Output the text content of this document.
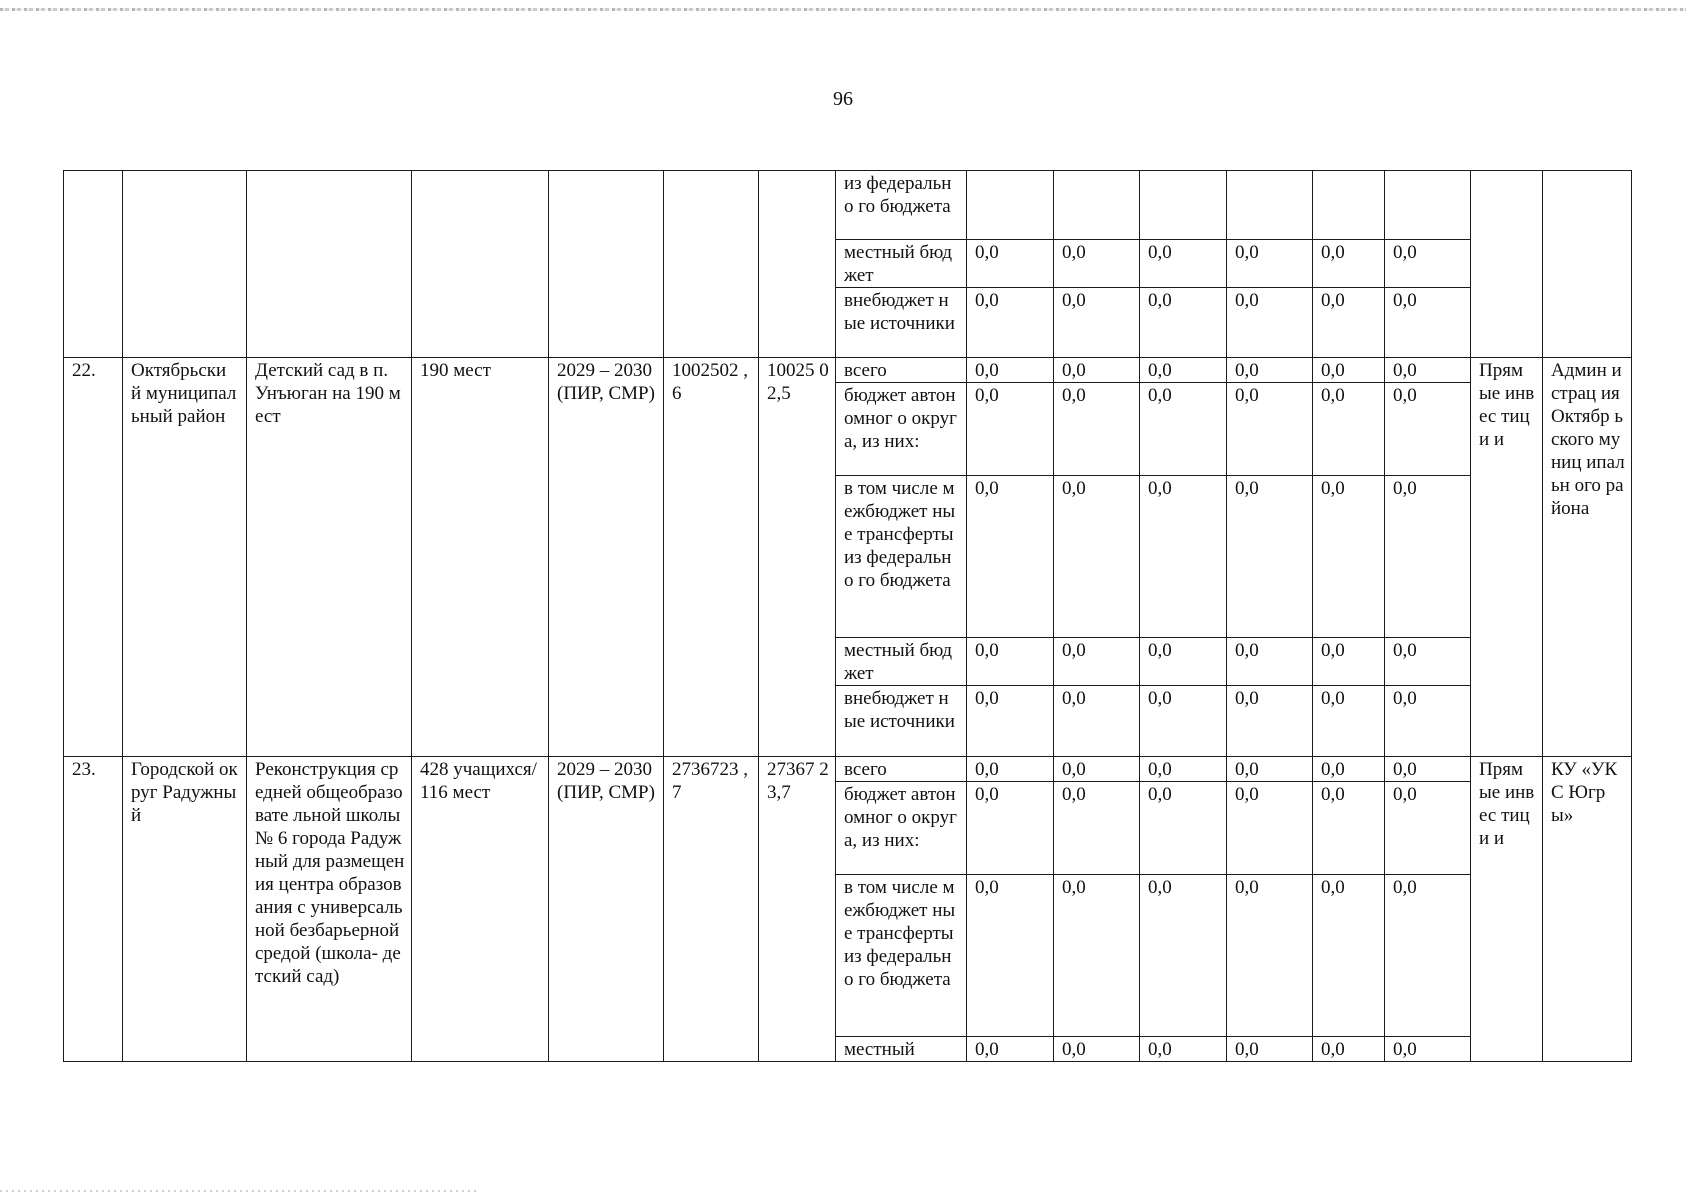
96
							из федерально го бюджета								
							местный бюджет	0,0	0,0	0,0	0,0	0,0	0,0		
							внебюджет ные источники	0,0	0,0	0,0	0,0	0,0	0,0		
22.	Октябрьски й муниципал ьный район	Детский сад в п. Унъюган на 190 мест	190 мест	2029 – 2030 (ПИР, СМР)	1002502 ,6	10025 02,5	всего	0,0	0,0	0,0	0,0	0,0	0,0	Прям ые инвес тици и	Админ истрац ия Октябр ьского муниц ипальн ого района
							бюджет автономног о округа, из них:	0,0	0,0	0,0	0,0	0,0	0,0		
							в том числе межбюджет ные трансферты из федерально го бюджета	0,0	0,0	0,0	0,0	0,0	0,0		
							местный бюджет	0,0	0,0	0,0	0,0	0,0	0,0		
							внебюджет ные источники	0,0	0,0	0,0	0,0	0,0	0,0		
23.	Городской округ Радужный	Реконструкция средней общеобразовате льной школы № 6 города Радужный для размещения центра образования с универсальной безбарьерной средой (школа- детский сад)	428 учащихся/ 116 мест	2029 – 2030 (ПИР, СМР)	2736723 ,7	27367 23,7	всего	0,0	0,0	0,0	0,0	0,0	0,0	Прям ые инвес тици и	КУ «УКС Югры»
							бюджет автономног о округа, из них:	0,0	0,0	0,0	0,0	0,0	0,0		
							в том числе межбюджет ные трансферты из федерально го бюджета	0,0	0,0	0,0	0,0	0,0	0,0		
							местный	0,0	0,0	0,0	0,0	0,0	0,0		
